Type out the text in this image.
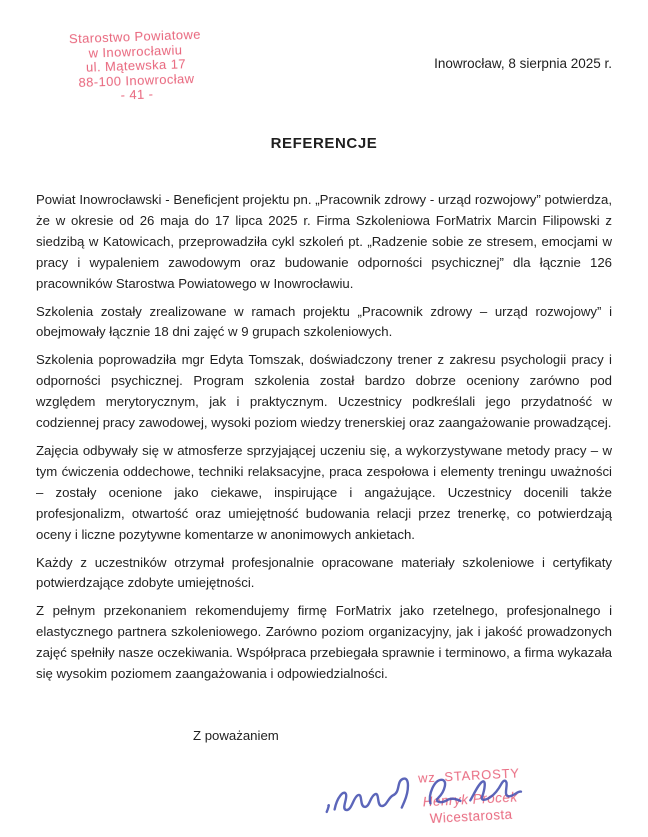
Starostwo Powiatowe
w Inowrocławiu
ul. Mątewska 17
88-100 Inowrocław
- 41 -
Inowrocław, 8 sierpnia 2025 r.
REFERENCJE

Powiat Inowrocławski - Beneficjent projektu pn. „Pracownik zdrowy - urząd rozwojowy” potwierdza, że w okresie od 26 maja do 17 lipca 2025 r. Firma Szkoleniowa ForMatrix Marcin Filipowski z siedzibą w Katowicach, przeprowadziła cykl szkoleń pt. „Radzenie sobie ze stresem, emocjami w pracy i wypaleniem zawodowym oraz budowanie odporności psychicznej” dla łącznie 126 pracowników Starostwa Powiatowego w Inowrocławiu.

Szkolenia zostały zrealizowane w ramach projektu „Pracownik zdrowy – urząd rozwojowy” i obejmowały łącznie 18 dni zajęć w 9 grupach szkoleniowych.

Szkolenia poprowadziła mgr Edyta Tomszak, doświadczony trener z zakresu psychologii pracy i odporności psychicznej. Program szkolenia został bardzo dobrze oceniony zarówno pod względem merytorycznym, jak i praktycznym. Uczestnicy podkreślali jego przydatność w codziennej pracy zawodowej, wysoki poziom wiedzy trenerskiej oraz zaangażowanie prowadzącej.

Zajęcia odbywały się w atmosferze sprzyjającej uczeniu się, a wykorzystywane metody pracy – w tym ćwiczenia oddechowe, techniki relaksacyjne, praca zespołowa i elementy treningu uważności – zostały ocenione jako ciekawe, inspirujące i angażujące. Uczestnicy docenili także profesjonalizm, otwartość oraz umiejętność budowania relacji przez trenerkę, co potwierdzają oceny i liczne pozytywne komentarze w anonimowych ankietach.

Każdy z uczestników otrzymał profesjonalnie opracowane materiały szkoleniowe i certyfikaty potwierdzające zdobyte umiejętności.

Z pełnym przekonaniem rekomendujemy firmę ForMatrix jako rzetelnego, profesjonalnego i elastycznego partnera szkoleniowego. Zarówno poziom organizacyjny, jak i jakość prowadzonych zajęć spełniły nasze oczekiwania. Współpraca przebiegała sprawnie i terminowo, a firma wykazała się wysokim poziomem zaangażowania i odpowiedzialności.

Z poważaniem
wz. STAROSTY
Henryk Procek
Wicestarosta
